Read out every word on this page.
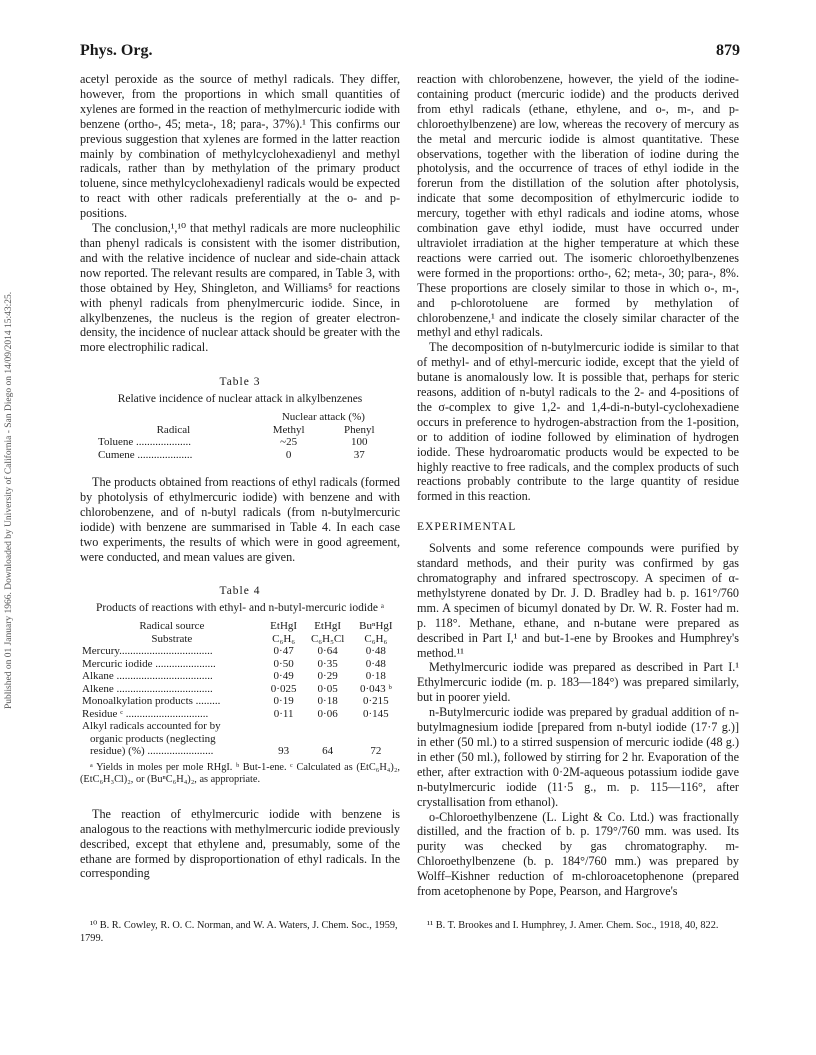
Published on 01 January 1966. Downloaded by University of California - San Diego on 14/09/2014 15:43:25.
Phys. Org.	879

acetyl peroxide as the source of methyl radicals. They differ, however, from the proportions in which small quantities of xylenes are formed in the reaction of methylmercuric iodide with benzene (ortho-, 45; meta-, 18; para-, 37%).¹ This confirms our previous suggestion that xylenes are formed in the latter reaction mainly by combination of methylcyclohexadienyl and methyl radicals, rather than by methylation of the primary product toluene, since methylcyclohexadienyl radicals would be expected to react with other radicals preferentially at the o- and p-positions.

The conclusion,¹,¹⁰ that methyl radicals are more nucleophilic than phenyl radicals is consistent with the isomer distribution, and with the relative incidence of nuclear and side-chain attack now reported. The relevant results are compared, in Table 3, with those obtained by Hey, Shingleton, and Williams⁵ for reactions with phenyl radicals from phenylmercuric iodide. Since, in alkylbenzenes, the nucleus is the region of greater electron-density, the incidence of nuclear attack should be greater with the more electrophilic radical.

Table 3
Relative incidence of nuclear attack in alkylbenzenes
	Nuclear attack (%)	
Radical	Methyl	Phenyl
Toluene ....................	~25	100
Cumene ....................	0	37

The products obtained from reactions of ethyl radicals (formed by photolysis of ethylmercuric iodide) with benzene and with chlorobenzene, and of n-butyl radicals (from n-butylmercuric iodide) with benzene are summarised in Table 4. In each case two experiments, the results of which were in good agreement, were conducted, and mean values are given.

Table 4
Products of reactions with ethyl- and n-butyl-mercuric iodide ᵃ
Radical source	EtHgI	EtHgI	BuⁿHgI
Substrate	C₆H₆	C₆H₅Cl	C₆H₆
Mercury..................................	0·47	0·64	0·48
Mercuric iodide ......................	0·50	0·35	0·48
Alkane ...................................	0·49	0·29	0·18
Alkene ...................................	0·025	0·05	0·043 ᵇ
Monoalkylation products .........	0·19	0·18	0·215
Residue ᶜ ..............................	0·11	0·06	0·145
Alkyl radicals accounted for by			
organic products (neglecting			
residue) (%) ........................	93	64	72
ᵃ Yields in moles per mole RHgI. ᵇ But-1-ene. ᶜ Calculated as (EtC₆H₄)₂, (EtC₆H₃Cl)₂, or (BuⁿC₆H₄)₂, as appropriate.

The reaction of ethylmercuric iodide with benzene is analogous to the reactions with methylmercuric iodide previously described, except that ethylene and, presumably, some of the ethane are formed by disproportionation of ethyl radicals. In the corresponding

¹⁰ B. R. Cowley, R. O. C. Norman, and W. A. Waters, J. Chem. Soc., 1959, 1799.

reaction with chlorobenzene, however, the yield of the iodine-containing product (mercuric iodide) and the products derived from ethyl radicals (ethane, ethylene, and o-, m-, and p-chloroethylbenzene) are low, whereas the recovery of mercury as the metal and mercuric iodide is almost quantitative. These observations, together with the liberation of iodine during the photolysis, and the occurrence of traces of ethyl iodide in the forerun from the distillation of the solution after photolysis, indicate that some decomposition of ethylmercuric iodide to mercury, together with ethyl radicals and iodine atoms, whose combination gave ethyl iodide, must have occurred under ultraviolet irradiation at the higher temperature at which these reactions were carried out. The isomeric chloroethylbenzenes were formed in the proportions: ortho-, 62; meta-, 30; para-, 8%. These proportions are closely similar to those in which o-, m-, and p-chlorotoluene are formed by methylation of chlorobenzene,¹ and indicate the closely similar character of the methyl and ethyl radicals.

The decomposition of n-butylmercuric iodide is similar to that of methyl- and of ethyl-mercuric iodide, except that the yield of butane is anomalously low. It is possible that, perhaps for steric reasons, addition of n-butyl radicals to the 2- and 4-positions of the σ-complex to give 1,2- and 1,4-di-n-butyl-cyclohexadiene occurs in preference to hydrogen-abstraction from the 1-position, or to addition of iodine followed by elimination of hydrogen iodide. These hydroaromatic products would be expected to be highly reactive to free radicals, and the complex products of such reactions probably contribute to the large quantity of residue formed in this reaction.

EXPERIMENTAL

Solvents and some reference compounds were purified by standard methods, and their purity was confirmed by gas chromatography and infrared spectroscopy. A specimen of α-methylstyrene donated by Dr. J. D. Bradley had b. p. 161°/760 mm. A specimen of bicumyl donated by Dr. W. R. Foster had m. p. 118°. Methane, ethane, and n-butane were prepared as described in Part I,¹ and but-1-ene by Brookes and Humphrey's method.¹¹

Methylmercuric iodide was prepared as described in Part I.¹ Ethylmercuric iodide (m. p. 183—184°) was prepared similarly, but in poorer yield.

n-Butylmercuric iodide was prepared by gradual addition of n-butylmagnesium iodide [prepared from n-butyl iodide (17·7 g.)] in ether (50 ml.) to a stirred suspension of mercuric iodide (48 g.) in ether (50 ml.), followed by stirring for 2 hr. Evaporation of the ether, after extraction with 0·2M-aqueous potassium iodide gave n-butylmercuric iodide (11·5 g., m. p. 115—116°, after crystallisation from ethanol).

o-Chloroethylbenzene (L. Light & Co. Ltd.) was fractionally distilled, and the fraction of b. p. 179°/760 mm. was used. Its purity was checked by gas chromatography. m-Chloroethylbenzene (b. p. 184°/760 mm.) was prepared by Wolff–Kishner reduction of m-chloroacetophenone (prepared from acetophenone by Pope, Pearson, and Hargrove's

¹¹ B. T. Brookes and I. Humphrey, J. Amer. Chem. Soc., 1918, 40, 822.
